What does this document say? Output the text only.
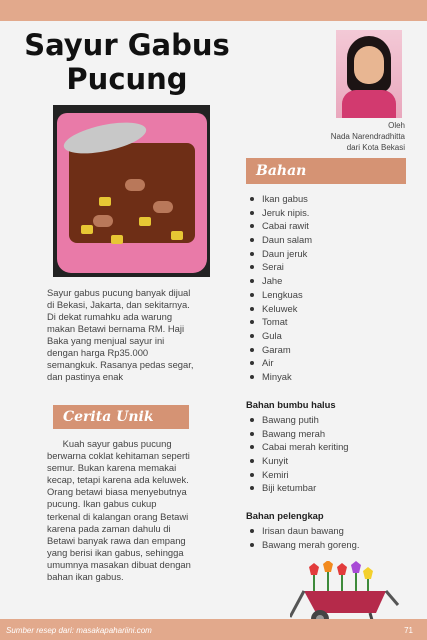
Sayur Gabus
Pucung
Oleh
Nada Narendradhitta
dari Kota Bekasi
Sayur gabus pucung banyak dijual
di Bekasi, Jakarta, dan sekitarnya.
Di dekat rumahku ada warung
makan Betawi bernama RM. Haji
Baka yang menjual sayur ini
dengan harga Rp35.000
semangkuk. Rasanya pedas segar,
dan pastinya enak
Cerita Unik
Kuah sayur gabus pucung
berwarna coklat kehitaman seperti
semur. Bukan karena memakai
kecap, tetapi karena ada keluwek.
Orang betawi biasa menyebutnya
pucung. Ikan gabus cukup
terkenal di kalangan orang Betawi
karena pada zaman dahulu di
Betawi banyak rawa dan empang
yang berisi ikan gabus, sehingga
umumnya masakan dibuat dengan
bahan ikan gabus.
Bahan
Ikan gabus
Jeruk nipis.
Cabai rawit
Daun salam
Daun jeruk
Serai
Jahe
Lengkuas
Keluwek
Tomat
Gula
Garam
Air
Minyak
Bahan bumbu halus
Bawang putih
Bawang merah
Cabai merah keriting
Kunyit
Kemiri
Biji ketumbar
Bahan pelengkap
Irisan daun bawang
Bawang merah goreng.
Sumber resep dari: masakapahariini.com	71
